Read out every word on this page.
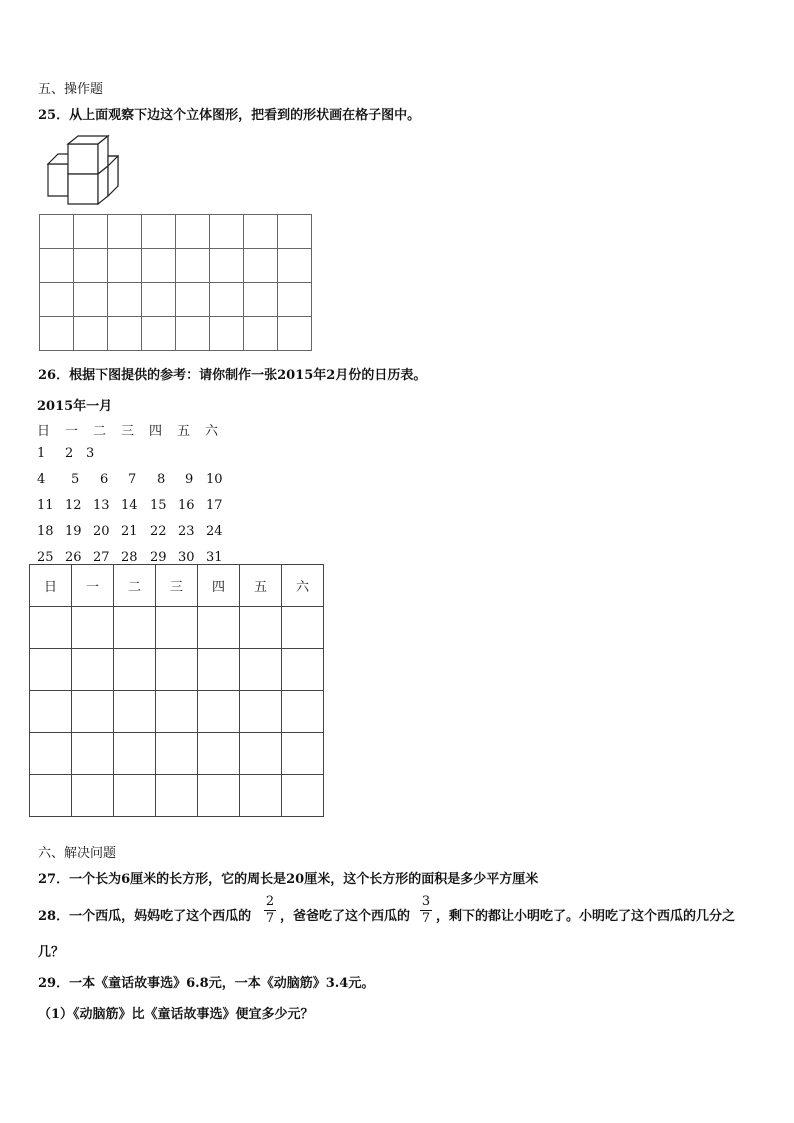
五、操作题
25．从上面观察下边这个立体图形，把看到的形状画在格子图中。

26．根据下图提供的参考：请你制作一张2015年2月份的日历表。
2015年一月
日 一 二 三 四 五 六
1 2 3
4 5 6 7 8 9 10
11 12 13 14 15 16 17
18 19 20 21 22 23 24
25 26 27 28 29 30 31
日	一	二	三	四	五	六

六、解决问题
27．一个长为6厘米的长方形，它的周长是20厘米，这个长方形的面积是多少平方厘米
28．一个西瓜，妈妈吃了这个西瓜的
2
7 ，爸爸吃了这个西瓜的
3
7 ，剩下的都让小明吃了。小明吃了这个西瓜的几分之
几？
29．一本《童话故事选》6.8元，一本《动脑筋》3.4元。
（1）《动脑筋》比《童话故事选》便宜多少元？
